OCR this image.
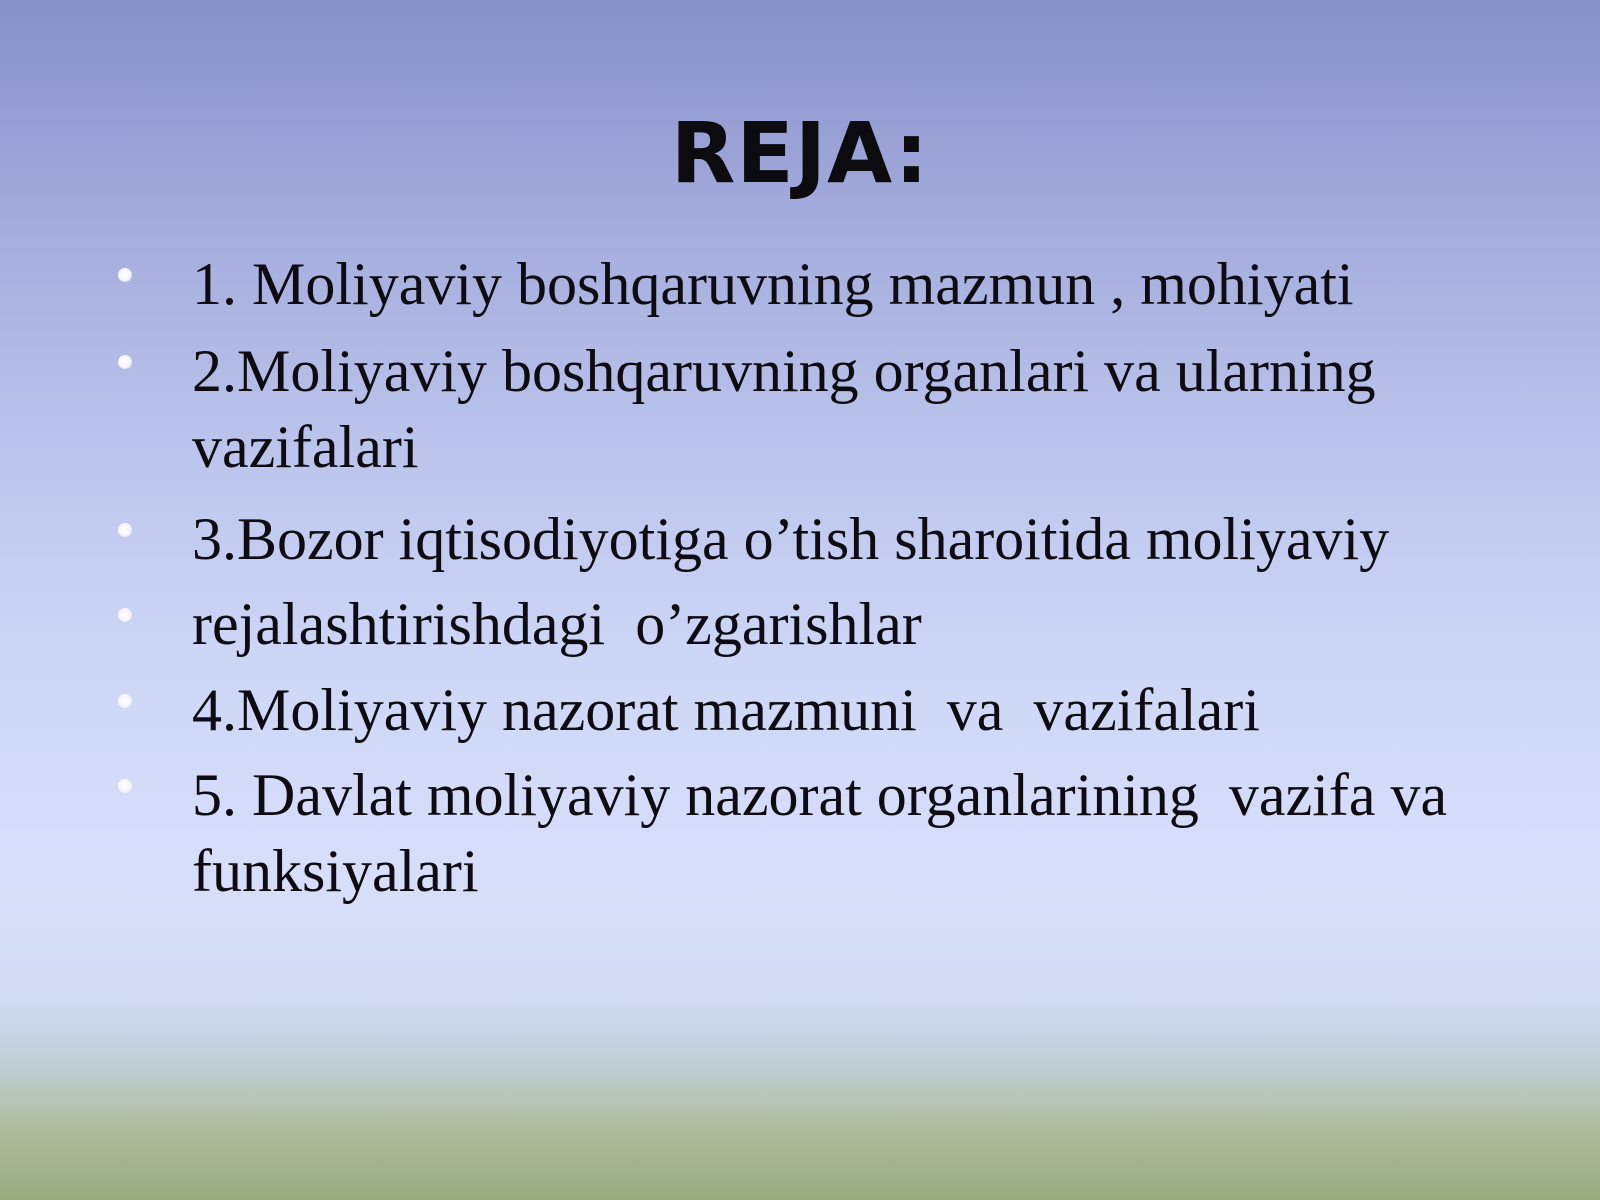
REJA:
1. Moliyaviy boshqaruvning mazmun , mohiyati
2.Moliyaviy boshqaruvning organlari va ularning vazifalari
3.Bozor iqtisodiyotiga o’tish sharoitida moliyaviy
rejalashtirishdagi  o’zgarishlar
4.Moliyaviy nazorat mazmuni  va  vazifalari
5. Davlat moliyaviy nazorat organlarining  vazifa va funksiyalari
